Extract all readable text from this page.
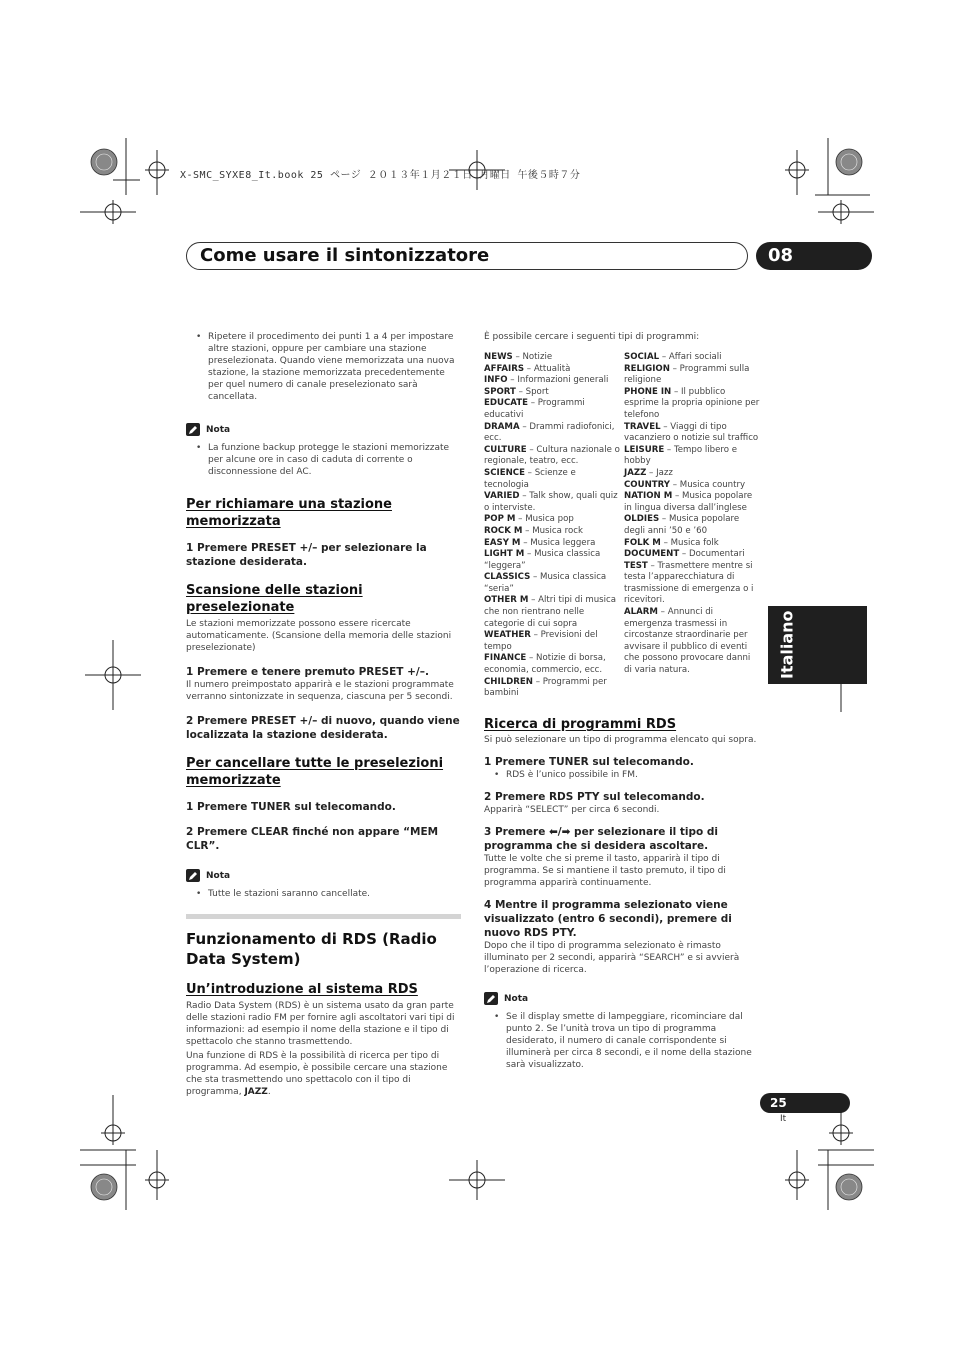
X-SMC_SYXE8_It.book 25 ページ ２０１３年１月２１日 月曜日 午後５時７分
Come usare il sintonizzatore	08
Italiano
25
It

• Ripetere il procedimento dei punti 1 a 4 per impostare altre stazioni, oppure per cambiare una stazione preselezionata. Quando viene memorizzata una nuova stazione, la stazione memorizzata precedentemente per quel numero di canale preselezionato sarà cancellata.

Nota

• La funzione backup protegge le stazioni memorizzate per alcune ore in caso di caduta di corrente o disconnessione del AC.

Per richiamare una stazione
memorizzata

1 Premere PRESET +/– per selezionare la stazione desiderata.

Scansione delle stazioni preselezionate

Le stazioni memorizzate possono essere ricercate automaticamente. (Scansione della memoria delle stazioni preselezionate)

1 Premere e tenere premuto PRESET +/–.

Il numero preimpostato apparirà e le stazioni programmate verranno sintonizzate in sequenza, ciascuna per 5 secondi.

2 Premere PRESET +/– di nuovo, quando viene localizzata la stazione desiderata.

Per cancellare tutte le preselezioni
memorizzate

1 Premere TUNER sul telecomando.

2 Premere CLEAR finché non appare “MEM CLR”.

Nota

• Tutte le stazioni saranno cancellate.

Funzionamento di RDS (Radio Data System)
Un’introduzione al sistema RDS

Radio Data System (RDS) è un sistema usato da gran parte delle stazioni radio FM per fornire agli ascoltatori vari tipi di informazioni: ad esempio il nome della stazione e il tipo di spettacolo che stanno trasmettendo.

Una funzione di RDS è la possibilità di ricerca per tipo di programma. Ad esempio, è possibile cercare una stazione che sta trasmettendo uno spettacolo con il tipo di programma, JAZZ.

È possibile cercare i seguenti tipi di programmi:

NEWS – Notizie

AFFAIRS – Attualità

INFO – Informazioni generali

SPORT – Sport

EDUCATE – Programmi educativi

DRAMA – Drammi radiofonici, ecc.

CULTURE – Cultura nazionale o regionale, teatro, ecc.

SCIENCE – Scienze e tecnologia

VARIED – Talk show, quali quiz o interviste.

POP M – Musica pop

ROCK M – Musica rock

EASY M – Musica leggera

LIGHT M – Musica classica “leggera”

CLASSICS – Musica classica “seria”

OTHER M – Altri tipi di musica che non rientrano nelle categorie di cui sopra

WEATHER – Previsioni del tempo

FINANCE – Notizie di borsa, economia, commercio, ecc.

CHILDREN – Programmi per bambini

SOCIAL – Affari sociali

RELIGION – Programmi sulla religione

PHONE IN – Il pubblico esprime la propria opinione per telefono

TRAVEL – Viaggi di tipo vacanziero o notizie sul traffico

LEISURE – Tempo libero e hobby

JAZZ – Jazz

COUNTRY – Musica country

NATION M – Musica popolare in lingua diversa dall’inglese

OLDIES – Musica popolare degli anni ’50 e ’60

FOLK M – Musica folk

DOCUMENT – Documentari

TEST – Trasmettere mentre si testa l’apparecchiatura di trasmissione di emergenza o i ricevitori.

ALARM – Annunci di emergenza trasmessi in circostanze straordinarie per avvisare il pubblico di eventi che possono provocare danni di varia natura.

Ricerca di programmi RDS

Si può selezionare un tipo di programma elencato qui sopra.

1 Premere TUNER sul telecomando.

• RDS è l’unico possibile in FM.

2 Premere RDS PTY sul telecomando.

Apparirà “SELECT” per circa 6 secondi.

3 Premere ⬅/➡ per selezionare il tipo di programma che si desidera ascoltare.

Tutte le volte che si preme il tasto, apparirà il tipo di programma. Se si mantiene il tasto premuto, il tipo di programma apparirà continuamente.

4 Mentre il programma selezionato viene visualizzato (entro 6 secondi), premere di nuovo RDS PTY.

Dopo che il tipo di programma selezionato è rimasto illuminato per 2 secondi, apparirà “SEARCH” e si avvierà l’operazione di ricerca.

Nota

• Se il display smette di lampeggiare, ricominciare dal punto 2. Se l’unità trova un tipo di programma desiderato, il numero di canale corrispondente si illuminerà per circa 8 secondi, e il nome della stazione sarà visualizzato.
